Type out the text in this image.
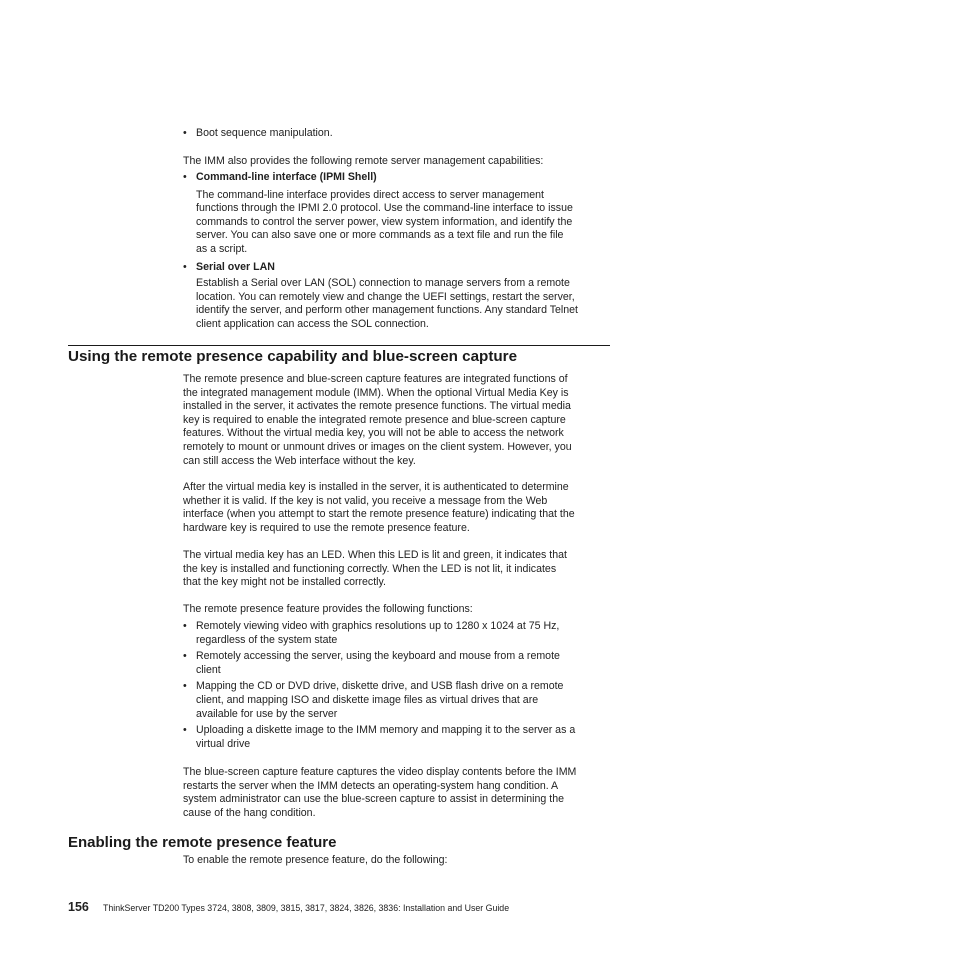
• Boot sequence manipulation.

The IMM also provides the following remote server management capabilities:

• Command-line interface (IPMI Shell)
The command-line interface provides direct access to server management
functions through the IPMI 2.0 protocol. Use the command-line interface to issue
commands to control the server power, view system information, and identify the
server. You can also save one or more commands as a text file and run the file
as a script.
• Serial over LAN
Establish a Serial over LAN (SOL) connection to manage servers from a remote
location. You can remotely view and change the UEFI settings, restart the server,
identify the server, and perform other management functions. Any standard Telnet
client application can access the SOL connection.
Using the remote presence capability and blue-screen capture
The remote presence and blue-screen capture features are integrated functions of
the integrated management module (IMM). When the optional Virtual Media Key is
installed in the server, it activates the remote presence functions. The virtual media
key is required to enable the integrated remote presence and blue-screen capture
features. Without the virtual media key, you will not be able to access the network
remotely to mount or unmount drives or images on the client system. However, you
can still access the Web interface without the key.
After the virtual media key is installed in the server, it is authenticated to determine
whether it is valid. If the key is not valid, you receive a message from the Web
interface (when you attempt to start the remote presence feature) indicating that the
hardware key is required to use the remote presence feature.
The virtual media key has an LED. When this LED is lit and green, it indicates that
the key is installed and functioning correctly. When the LED is not lit, it indicates
that the key might not be installed correctly.
The remote presence feature provides the following functions:
• Remotely viewing video with graphics resolutions up to 1280 x 1024 at 75 Hz,
regardless of the system state
• Remotely accessing the server, using the keyboard and mouse from a remote
client
• Mapping the CD or DVD drive, diskette drive, and USB flash drive on a remote
client, and mapping ISO and diskette image files as virtual drives that are
available for use by the server
• Uploading a diskette image to the IMM memory and mapping it to the server as a
virtual drive
The blue-screen capture feature captures the video display contents before the IMM
restarts the server when the IMM detects an operating-system hang condition. A
system administrator can use the blue-screen capture to assist in determining the
cause of the hang condition.
Enabling the remote presence feature
To enable the remote presence feature, do the following:
156 ThinkServer TD200 Types 3724, 3808, 3809, 3815, 3817, 3824, 3826, 3836: Installation and User Guide
